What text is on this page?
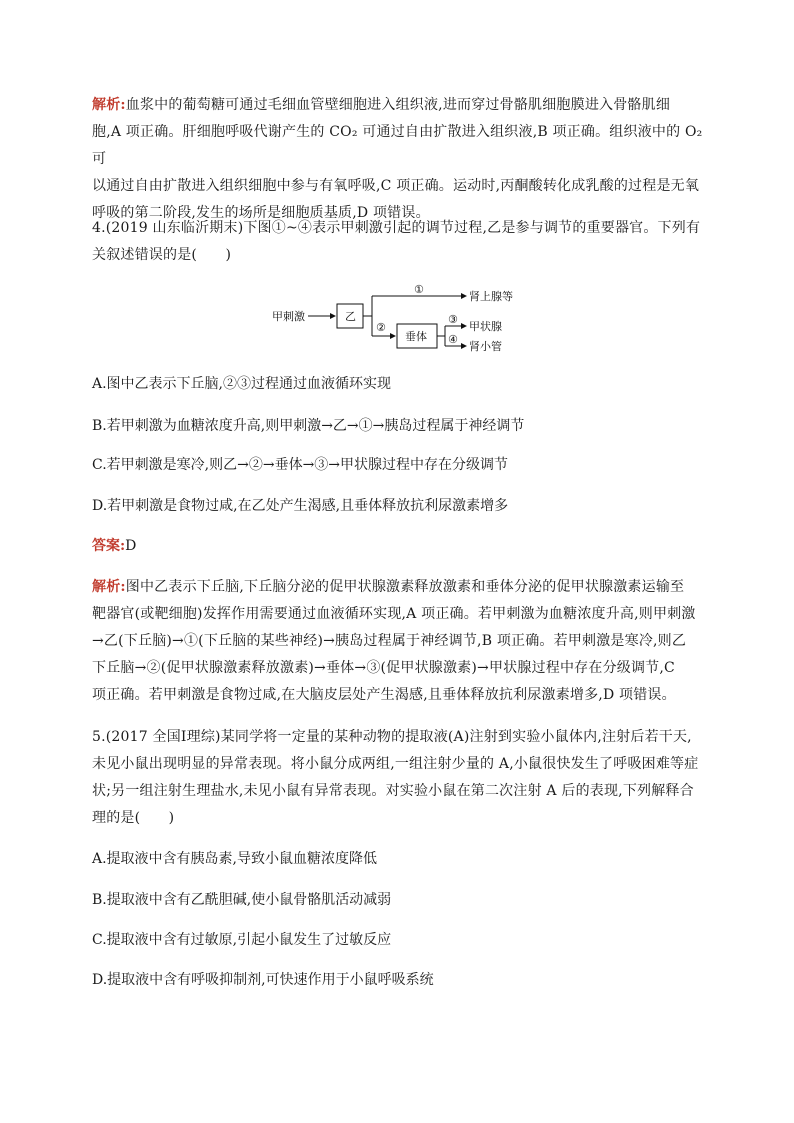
解析:血浆中的葡萄糖可通过毛细血管壁细胞进入组织液,进而穿过骨骼肌细胞膜进入骨骼肌细
胞,A 项正确。肝细胞呼吸代谢产生的 CO₂ 可通过自由扩散进入组织液,B 项正确。组织液中的 O₂ 可
以通过自由扩散进入组织细胞中参与有氧呼吸,C 项正确。运动时,丙酮酸转化成乳酸的过程是无氧
呼吸的第二阶段,发生的场所是细胞质基质,D 项错误。
4.(2019 山东临沂期末)下图①~④表示甲刺激引起的调节过程,乙是参与调节的重要器官。下列有
关叙述错误的是(　　)
甲刺激	乙
①
肾上腺等
②
垂体
③
甲状腺
④
肾小管
A.图中乙表示下丘脑,②③过程通过血液循环实现
B.若甲刺激为血糖浓度升高,则甲刺激→乙→①→胰岛过程属于神经调节
C.若甲刺激是寒冷,则乙→②→垂体→③→甲状腺过程中存在分级调节
D.若甲刺激是食物过咸,在乙处产生渴感,且垂体释放抗利尿激素增多
答案:D
解析:图中乙表示下丘脑,下丘脑分泌的促甲状腺激素释放激素和垂体分泌的促甲状腺激素运输至
靶器官(或靶细胞)发挥作用需要通过血液循环实现,A 项正确。若甲刺激为血糖浓度升高,则甲刺激
→乙(下丘脑)→①(下丘脑的某些神经)→胰岛过程属于神经调节,B 项正确。若甲刺激是寒冷,则乙
下丘脑→②(促甲状腺激素释放激素)→垂体→③(促甲状腺激素)→甲状腺过程中存在分级调节,C
项正确。若甲刺激是食物过咸,在大脑皮层处产生渴感,且垂体释放抗利尿激素增多,D 项错误。
5.(2017 全国Ⅰ理综)某同学将一定量的某种动物的提取液(A)注射到实验小鼠体内,注射后若干天,
未见小鼠出现明显的异常表现。将小鼠分成两组,一组注射少量的 A,小鼠很快发生了呼吸困难等症
状;另一组注射生理盐水,未见小鼠有异常表现。对实验小鼠在第二次注射 A 后的表现,下列解释合
理的是(　　)
A.提取液中含有胰岛素,导致小鼠血糖浓度降低
B.提取液中含有乙酰胆碱,使小鼠骨骼肌活动减弱
C.提取液中含有过敏原,引起小鼠发生了过敏反应
D.提取液中含有呼吸抑制剂,可快速作用于小鼠呼吸系统
